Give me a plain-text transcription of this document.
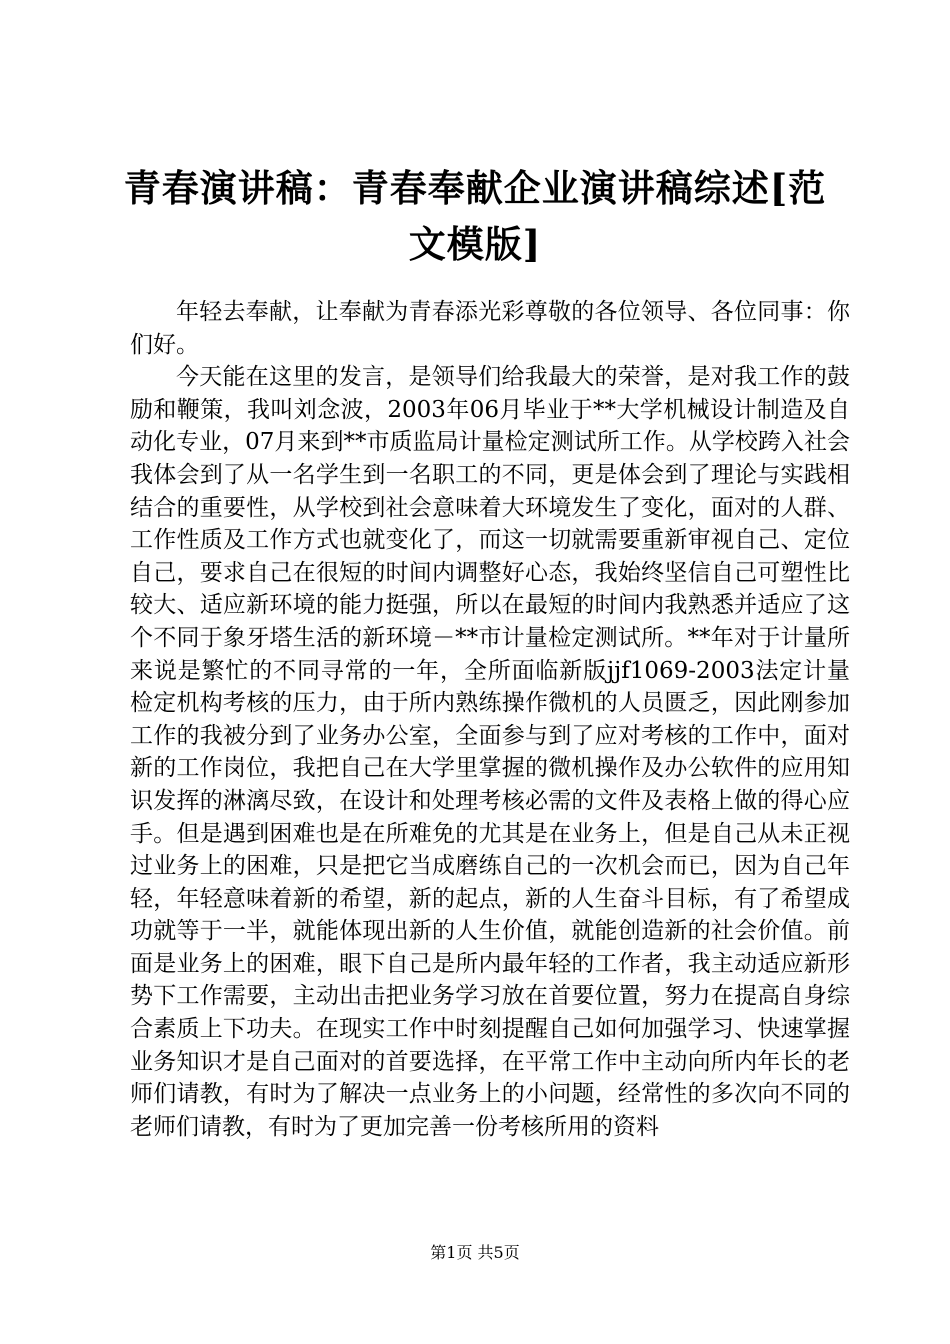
青春演讲稿：青春奉献企业演讲稿综述[范文模版]

年轻去奉献，让奉献为青春添光彩尊敬的各位领导、各位同事：你们好。

今天能在这里的发言，是领导们给我最大的荣誉，是对我工作的鼓励和鞭策，我叫刘念波，2003年06月毕业于**大学机械设计制造及自动化专业，07月来到**市质监局计量检定测试所工作。从学校跨入社会我体会到了从一名学生到一名职工的不同，更是体会到了理论与实践相结合的重要性，从学校到社会意味着大环境发生了变化，面对的人群、工作性质及工作方式也就变化了，而这一切就需要重新审视自己、定位自己，要求自己在很短的时间内调整好心态，我始终坚信自己可塑性比较大、适应新环境的能力挺强，所以在最短的时间内我熟悉并适应了这个不同于象牙塔生活的新环境－**市计量检定测试所。**年对于计量所来说是繁忙的不同寻常的一年，全所面临新版jjf1069-2003法定计量检定机构考核的压力，由于所内熟练操作微机的人员匮乏，因此刚参加工作的我被分到了业务办公室，全面参与到了应对考核的工作中，面对新的工作岗位，我把自己在大学里掌握的微机操作及办公软件的应用知识发挥的淋漓尽致，在设计和处理考核必需的文件及表格上做的得心应手。但是遇到困难也是在所难免的尤其是在业务上，但是自己从未正视过业务上的困难，只是把它当成磨练自己的一次机会而已，因为自己年轻，年轻意味着新的希望，新的起点，新的人生奋斗目标，有了希望成功就等于一半，就能体现出新的人生价值，就能创造新的社会价值。前面是业务上的困难，眼下自己是所内最年轻的工作者，我主动适应新形势下工作需要，主动出击把业务学习放在首要位置，努力在提高自身综合素质上下功夫。在现实工作中时刻提醒自己如何加强学习、快速掌握业务知识才是自己面对的首要选择，在平常工作中主动向所内年长的老师们请教，有时为了解决一点业务上的小问题，经常性的多次向不同的老师们请教，有时为了更加完善一份考核所用的资料

第1页 共5页
